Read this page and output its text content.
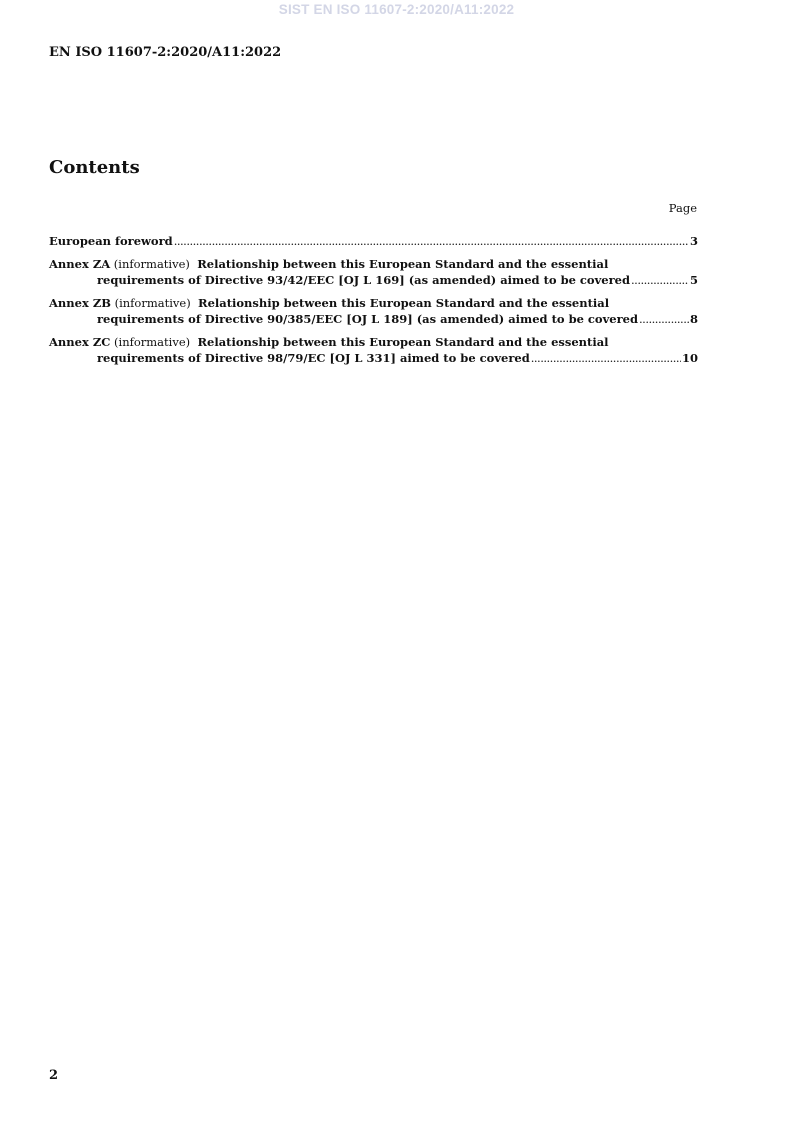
SIST EN ISO 11607-2:2020/A11:2022
EN ISO 11607-2:2020/A11:2022
Contents
Page
European foreword .....	3
Annex ZA
(informative)
Relationship between this European Standard and the essential
requirements of Directive 93/42/EEC [OJ L 169] (as amended) aimed to be covered .....	5
Annex ZB
(informative)
Relationship between this European Standard and the essential
requirements of Directive 90/385/EEC [OJ L 189] (as amended) aimed to be covered .....	8
Annex ZC
(informative)
Relationship between this European Standard and the essential
requirements of Directive 98/79/EC [OJ L 331] aimed to be covered .....	10
2
